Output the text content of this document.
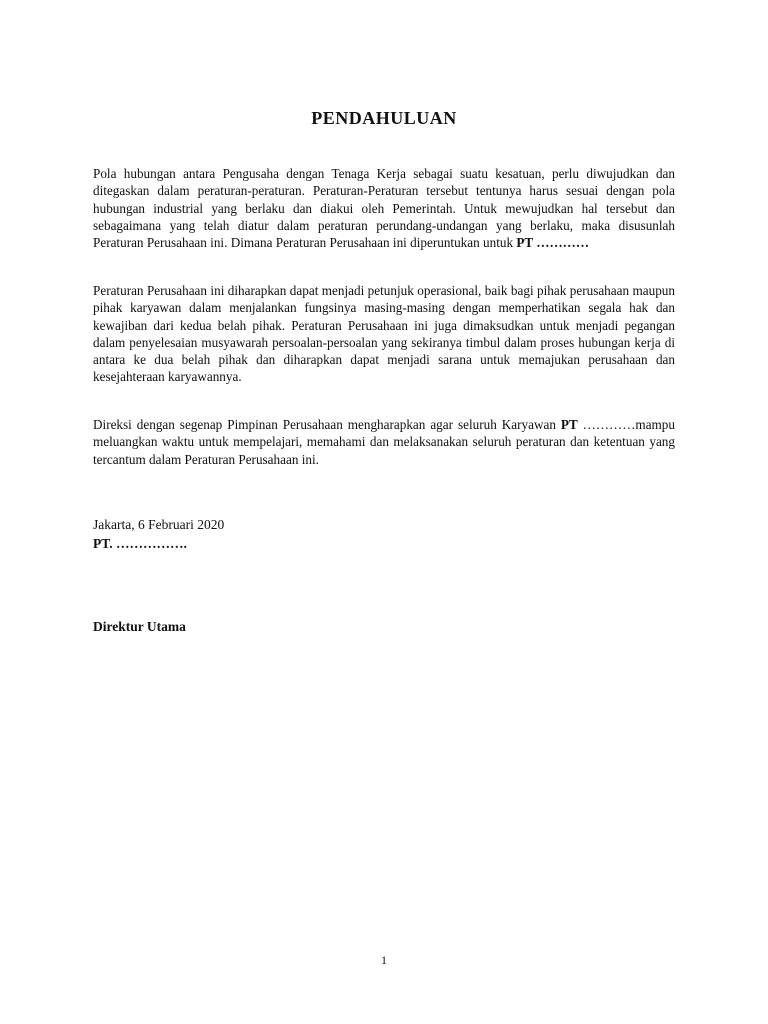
PENDAHULUAN

Pola hubungan antara Pengusaha dengan Tenaga Kerja sebagai suatu kesatuan, perlu diwujudkan dan ditegaskan dalam peraturan-peraturan. Peraturan-Peraturan tersebut tentunya harus sesuai dengan pola hubungan industrial yang berlaku dan diakui oleh Pemerintah. Untuk mewujudkan hal tersebut dan sebagaimana yang telah diatur dalam peraturan perundang-undangan yang berlaku, maka disusunlah Peraturan Perusahaan ini. Dimana Peraturan Perusahaan ini diperuntukan untuk PT …………

Peraturan Perusahaan ini diharapkan dapat menjadi petunjuk operasional, baik bagi pihak perusahaan maupun pihak karyawan dalam menjalankan fungsinya masing-masing dengan memperhatikan segala hak dan kewajiban dari kedua belah pihak. Peraturan Perusahaan ini juga dimaksudkan untuk menjadi pegangan dalam penyelesaian musyawarah persoalan-persoalan yang sekiranya timbul dalam proses hubungan kerja di antara ke dua belah pihak dan diharapkan dapat menjadi sarana untuk memajukan perusahaan dan kesejahteraan karyawannya.

Direksi dengan segenap Pimpinan Perusahaan mengharapkan agar seluruh Karyawan PT …………mampu meluangkan waktu untuk mempelajari, memahami dan melaksanakan seluruh peraturan dan ketentuan yang tercantum dalam Peraturan Perusahaan ini.

Jakarta, 6 Februari 2020
PT. …………….
Direktur Utama
1
